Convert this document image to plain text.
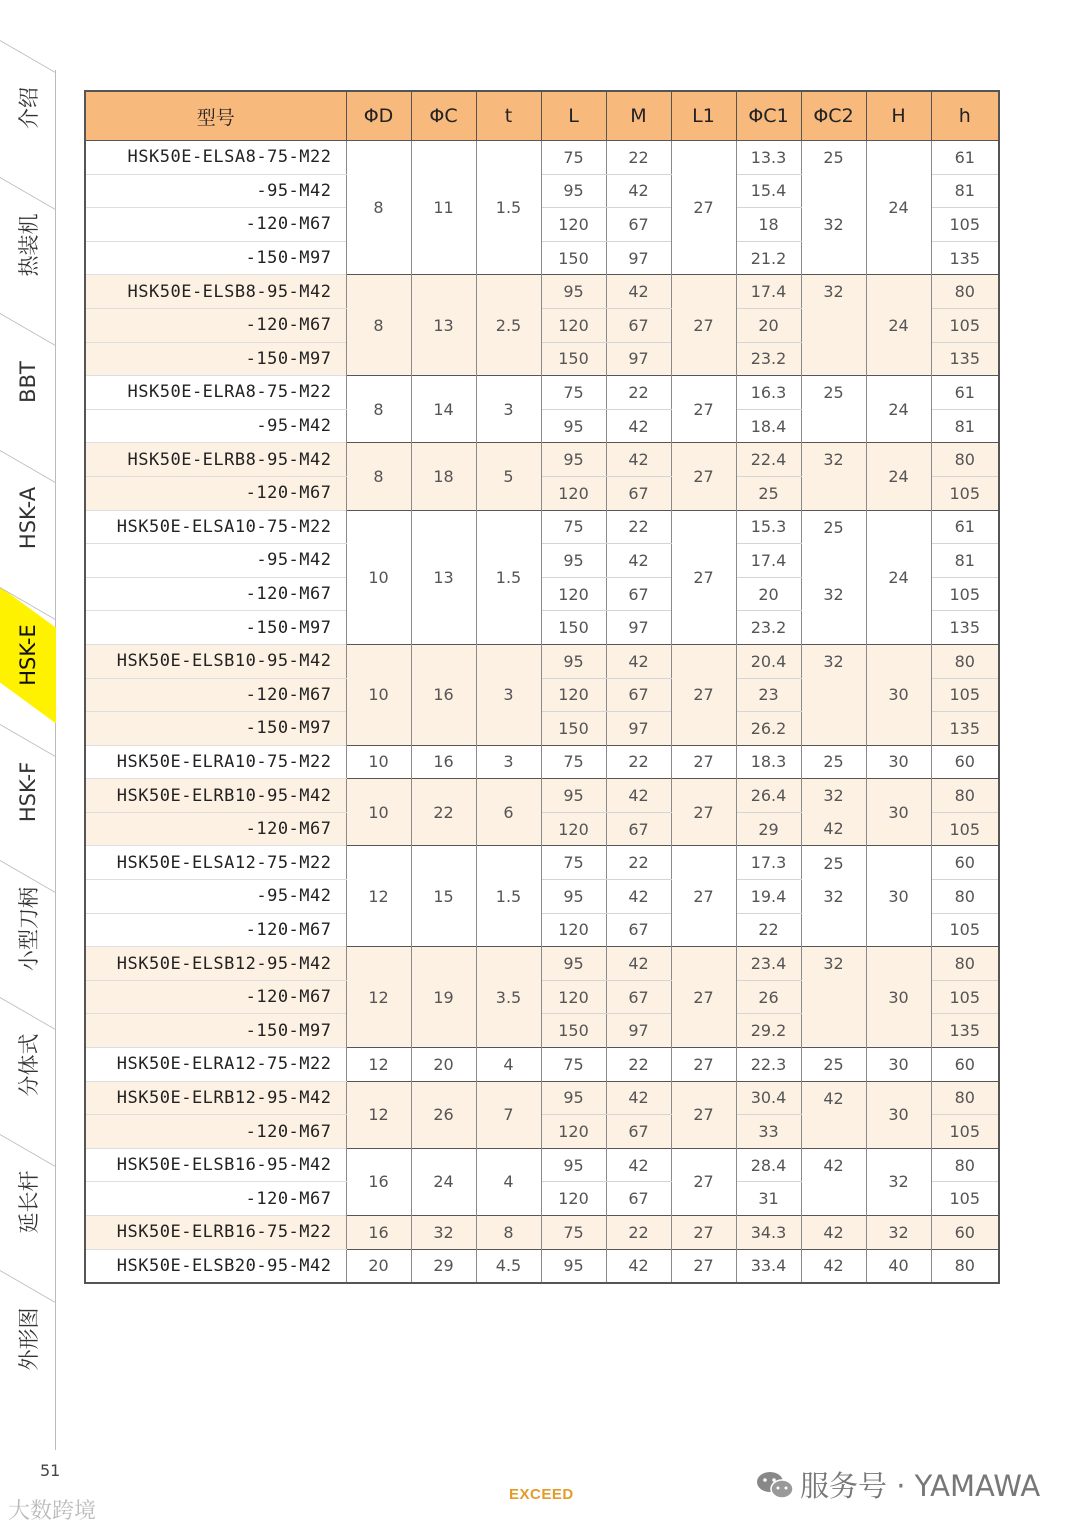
介绍
热装机
BBT
HSK-A
HSK-E
HSK-F
小型刀柄
分体式
延长杆
外形图
型号	ΦD	ΦC	t	L	M	L1	ΦC1	ΦC2	H	h
HSK50E-ELSA8-75-M22	8	11	1.5	75	22	27	13.3	25	24	61
-95-M42				95	42		15.4			81
-120-M67				120	67		18	32		105
-150-M97				150	97		21.2			135
HSK50E-ELSB8-95-M42	8	13	2.5	95	42	27	17.4	32	24	80
-120-M67				120	67		20			105
-150-M97				150	97		23.2			135
HSK50E-ELRA8-75-M22	8	14	3	75	22	27	16.3	25	24	61
-95-M42				95	42		18.4			81
HSK50E-ELRB8-95-M42	8	18	5	95	42	27	22.4	32	24	80
-120-M67				120	67		25			105
HSK50E-ELSA10-75-M22	10	13	1.5	75	22	27	15.3	25	24	61
-95-M42				95	42		17.4			81
-120-M67				120	67		20	32		105
-150-M97				150	97		23.2			135
HSK50E-ELSB10-95-M42	10	16	3	95	42	27	20.4	32	30	80
-120-M67				120	67		23			105
-150-M97				150	97		26.2			135
HSK50E-ELRA10-75-M22	10	16	3	75	22	27	18.3	25	30	60
HSK50E-ELRB10-95-M42	10	22	6	95	42	27	26.4	32	30	80
-120-M67				120	67		29	42		105
HSK50E-ELSA12-75-M22	12	15	1.5	75	22	27	17.3	25	30	60
-95-M42				95	42		19.4	32		80
-120-M67				120	67		22			105
HSK50E-ELSB12-95-M42	12	19	3.5	95	42	27	23.4	32	30	80
-120-M67				120	67		26			105
-150-M97				150	97		29.2			135
HSK50E-ELRA12-75-M22	12	20	4	75	22	27	22.3	25	30	60
HSK50E-ELRB12-95-M42	12	26	7	95	42	27	30.4	42	30	80
-120-M67				120	67		33			105
HSK50E-ELSB16-95-M42	16	24	4	95	42	27	28.4	42	32	80
-120-M67				120	67		31			105
HSK50E-ELRB16-75-M22	16	32	8	75	22	27	34.3	42	32	60
HSK50E-ELSB20-95-M42	20	29	4.5	95	42	27	33.4	42	40	80
51
EXCEED	服务号 · YAMAWA
大数跨境
